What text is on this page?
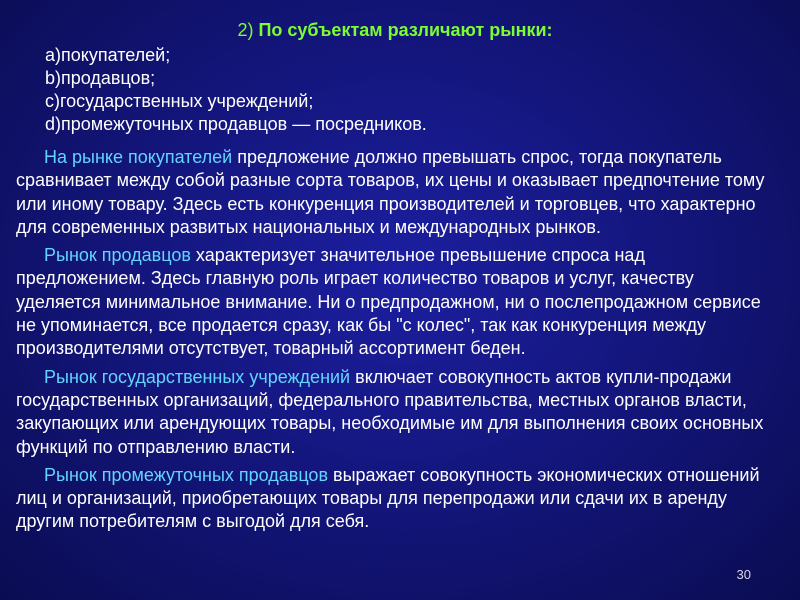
2) По субъектам различают рынки:
a)покупателей;
b)продавцов;
c)государственных учреждений;
d)промежуточных продавцов — посредников.

На рынке покупателей предложение должно превышать спрос, тогда покупатель сравнивает между собой разные сорта товаров, их цены и оказывает предпочтение тому или иному товару. Здесь есть конкуренция производителей и торговцев, что характерно для современных развитых национальных и международных рынков.

Рынок продавцов характеризует значительное превышение спроса над предложением. Здесь главную роль играет количество товаров и услуг, качеству уделяется минимальное внимание. Ни о предпродажном, ни о послепродажном сервисе не упоминается, все продается сразу, как бы "с колес", так как конкуренция между производителями отсутствует, товарный ассортимент беден.

Рынок государственных учреждений включает совокупность актов купли-продажи государственных организаций, федерального правительства, местных органов власти, закупающих или арендующих товары, необходимые им для выполнения своих основных функций по отправлению власти.

Рынок промежуточных продавцов выражает совокупность экономических отношений лиц и организаций, приобретающих товары для перепродажи или сдачи их в аренду другим потребителям с выгодой для себя.

30
